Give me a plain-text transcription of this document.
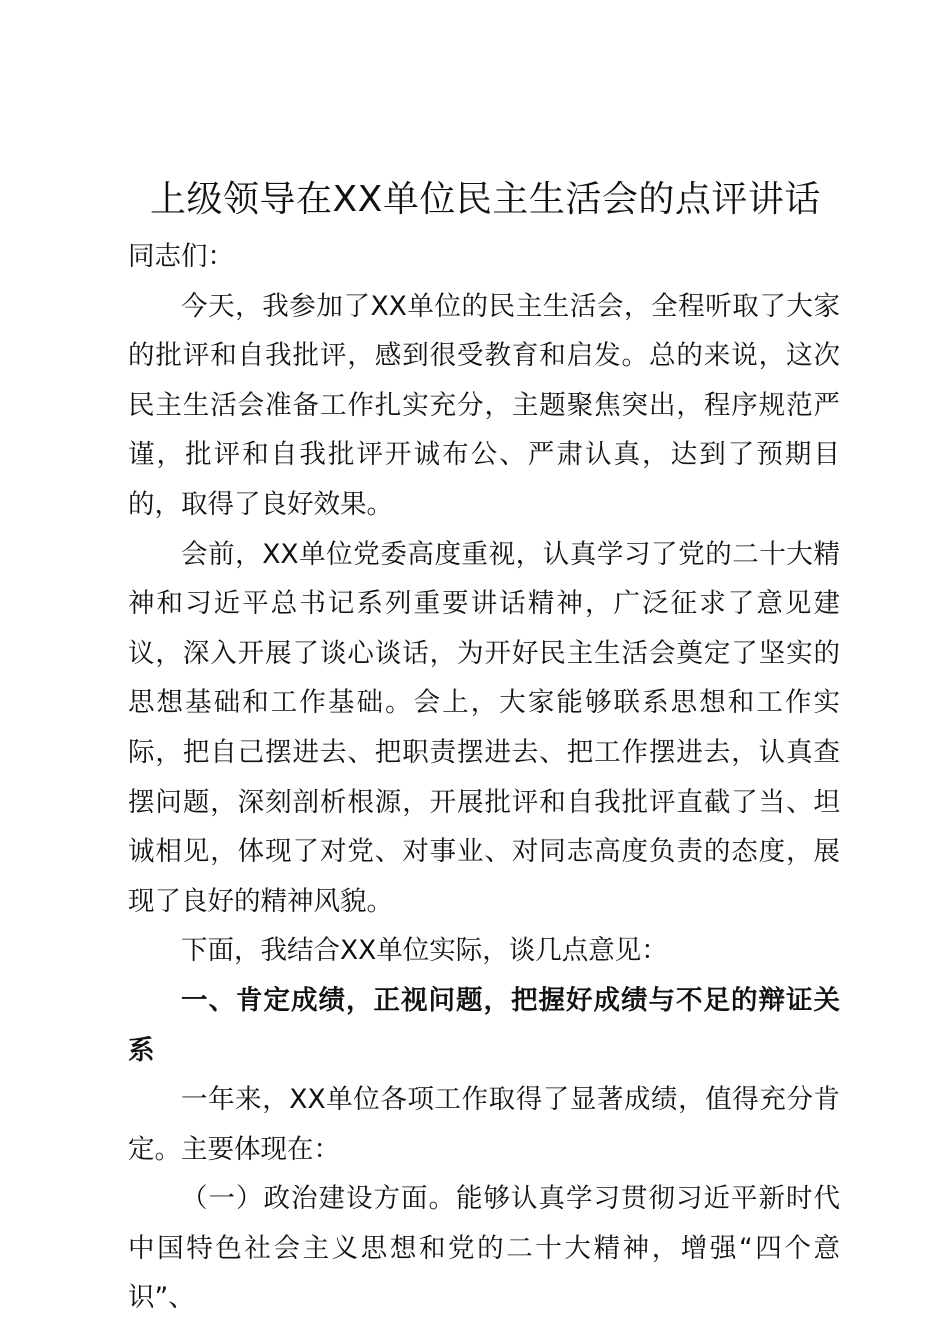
上级领导在XX单位民主生活会的点评讲话

同志们：

今天，我参加了XX单位的民主生活会，全程听取了大家的批评和自我批评，感到很受教育和启发。总的来说，这次民主生活会准备工作扎实充分，主题聚焦突出，程序规范严谨，批评和自我批评开诚布公、严肃认真，达到了预期目的，取得了良好效果。

会前，XX单位党委高度重视，认真学习了党的二十大精神和习近平总书记系列重要讲话精神，广泛征求了意见建议，深入开展了谈心谈话，为开好民主生活会奠定了坚实的思想基础和工作基础。会上，大家能够联系思想和工作实际，把自己摆进去、把职责摆进去、把工作摆进去，认真查摆问题，深刻剖析根源，开展批评和自我批评直截了当、坦诚相见，体现了对党、对事业、对同志高度负责的态度，展现了良好的精神风貌。

下面，我结合XX单位实际，谈几点意见：

一、肯定成绩，正视问题，把握好成绩与不足的辩证关系

一年来，XX单位各项工作取得了显著成绩，值得充分肯定。主要体现在：

（一）政治建设方面。能够认真学习贯彻习近平新时代中国特色社会主义思想和党的二十大精神，增强“四个意识”、
